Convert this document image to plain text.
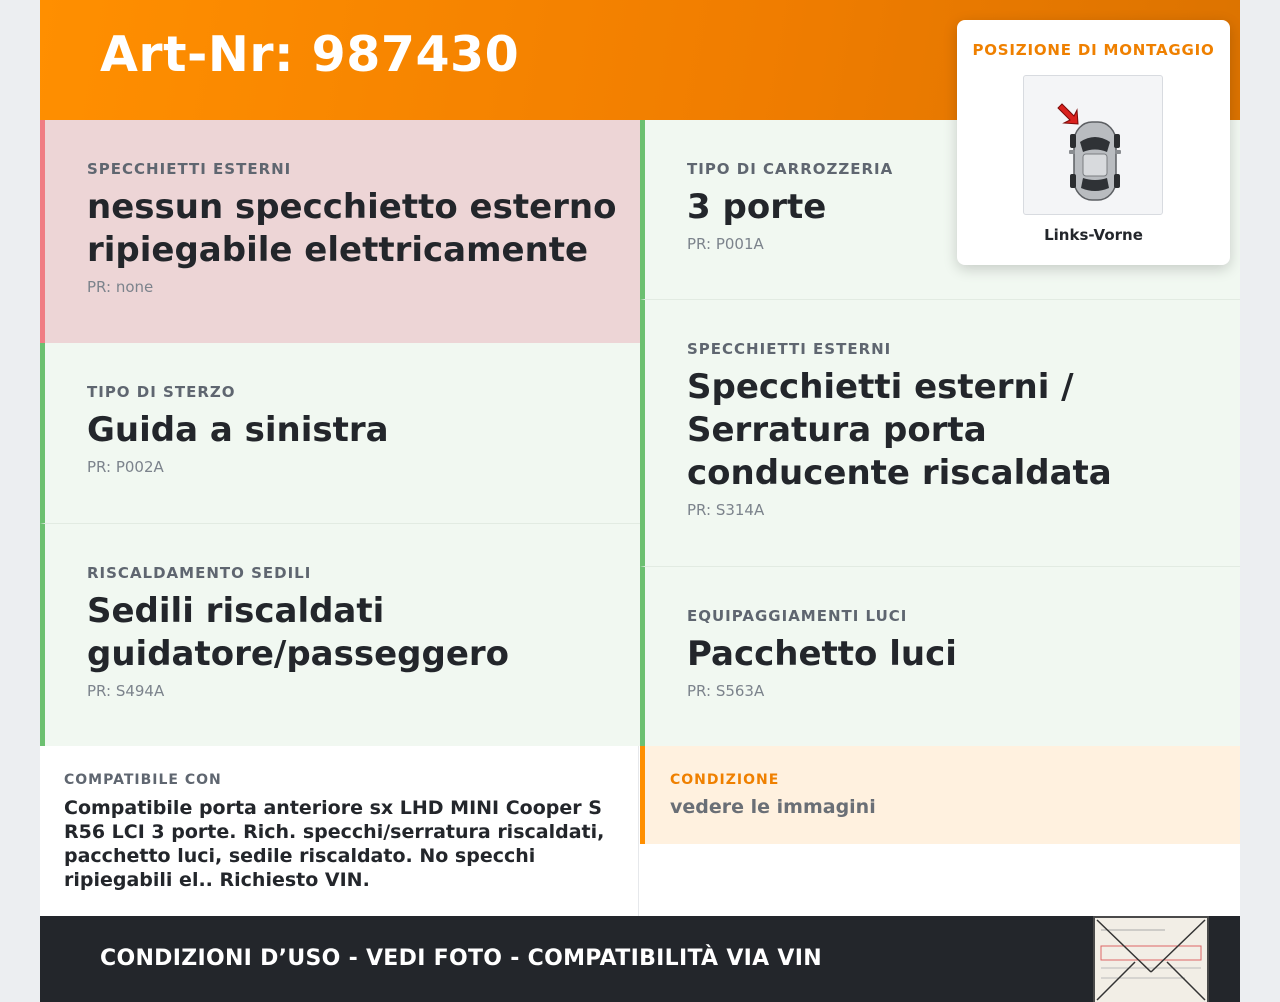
Art-Nr: 987430
SPECCHIETTI ESTERNI
nessun specchietto esterno ripiegabile elettricamente
PR: none
TIPO DI STERZO
Guida a sinistra
PR: P002A
RISCALDAMENTO SEDILI
Sedili riscaldati guidatore/passeggero
PR: S494A
TIPO DI CARROZZERIA
3 porte
PR: P001A
SPECCHIETTI ESTERNI
Specchietti esterni / Serratura porta conducente riscaldata
PR: S314A
EQUIPAGGIAMENTI LUCI
Pacchetto luci
PR: S563A
COMPATIBILE CON
Compatibile porta anteriore sx LHD MINI Cooper S R56 LCI 3 porte. Rich. specchi/serratura riscaldati, pacchetto luci, sedile riscaldato. No specchi ripiegabili el.. Richiesto VIN.
CONDIZIONE
vedere le immagini
CONDIZIONI D’USO - VEDI FOTO - COMPATIBILITÀ VIA VIN
POSIZIONE DI MONTAGGIO
Links-Vorne
